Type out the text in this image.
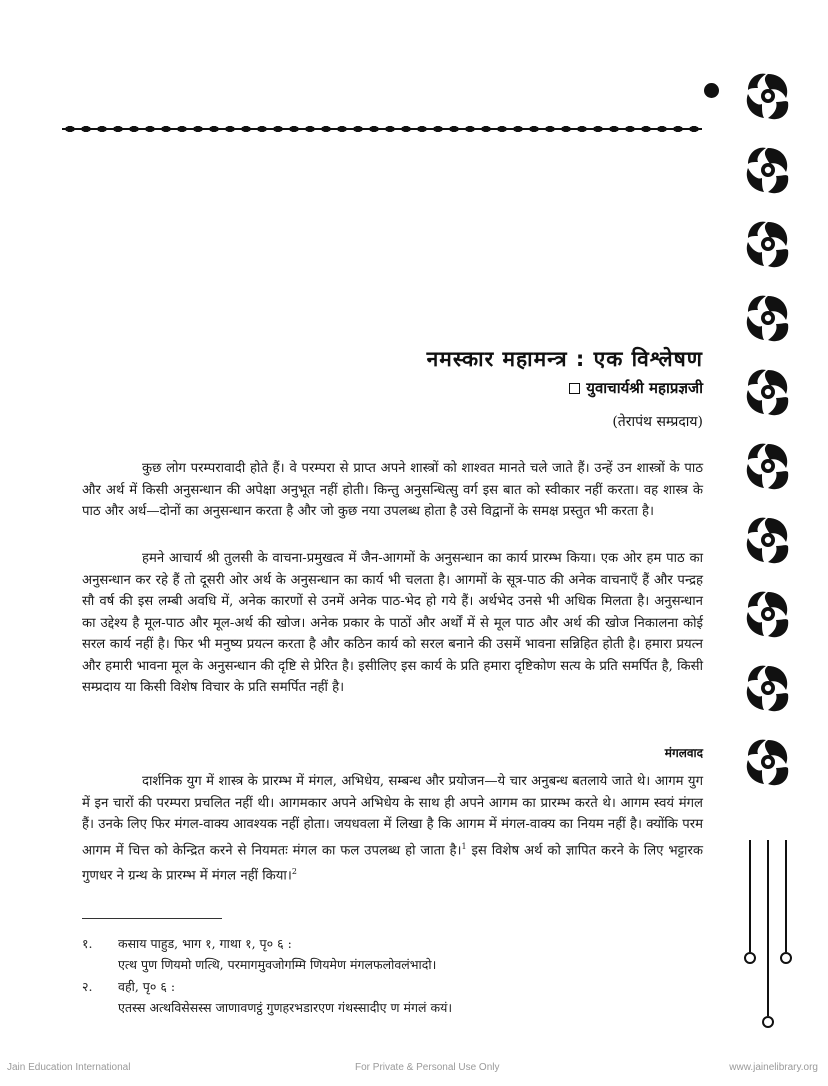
नमस्कार महामन्त्र : एक विश्लेषण
युवाचार्यश्री महाप्रज्ञजी
(तेरापंथ सम्प्रदाय)

कुछ लोग परम्परावादी होते हैं। वे परम्परा से प्राप्त अपने शास्त्रों को शाश्वत मानते चले जाते हैं। उन्हें उन शास्त्रों के पाठ और अर्थ में किसी अनुसन्धान की अपेक्षा अनुभूत नहीं होती। किन्तु अनुसन्धित्सु वर्ग इस बात को स्वीकार नहीं करता। वह शास्त्र के पाठ और अर्थ—दोनों का अनुसन्धान करता है और जो कुछ नया उपलब्ध होता है उसे विद्वानों के समक्ष प्रस्तुत भी करता है।

हमने आचार्य श्री तुलसी के वाचना-प्रमुखत्व में जैन-आगमों के अनुसन्धान का कार्य प्रारम्भ किया। एक ओर हम पाठ का अनुसन्धान कर रहे हैं तो दूसरी ओर अर्थ के अनुसन्धान का कार्य भी चलता है। आगमों के सूत्र-पाठ की अनेक वाचनाएँ हैं और पन्द्रह सौ वर्ष की इस लम्बी अवधि में, अनेक कारणों से उनमें अनेक पाठ-भेद हो गये हैं। अर्थभेद उनसे भी अधिक मिलता है। अनुसन्धान का उद्देश्य है मूल-पाठ और मूल-अर्थ की खोज। अनेक प्रकार के पाठों और अर्थों में से मूल पाठ और अर्थ की खोज निकालना कोई सरल कार्य नहीं है। फिर भी मनुष्य प्रयत्न करता है और कठिन कार्य को सरल बनाने की उसमें भावना सन्निहित होती है। हमारा प्रयत्न और हमारी भावना मूल के अनुसन्धान की दृष्टि से प्रेरित है। इसीलिए इस कार्य के प्रति हमारा दृष्टिकोण सत्य के प्रति समर्पित है, किसी सम्प्रदाय या किसी विशेष विचार के प्रति समर्पित नहीं है।

मंगलवाद

दार्शनिक युग में शास्त्र के प्रारम्भ में मंगल, अभिधेय, सम्बन्ध और प्रयोजन—ये चार अनुबन्ध बतलाये जाते थे। आगम युग में इन चारों की परम्परा प्रचलित नहीं थी। आगमकार अपने अभिधेय के साथ ही अपने आगम का प्रारम्भ करते थे। आगम स्वयं मंगल हैं। उनके लिए फिर मंगल-वाक्य आवश्यक नहीं होता। जयधवला में लिखा है कि आगम में मंगल-वाक्य का नियम नहीं है। क्योंकि परम आगम में चित्त को केन्द्रित करने से नियमतः मंगल का फल उपलब्ध हो जाता है।$^1$ इस विशेष अर्थ को ज्ञापित करने के लिए भट्टारक गुणधर ने ग्रन्थ के प्रारम्भ में मंगल नहीं किया।$^2$

१. कसाय पाहुड, भाग १, गाथा १, पृ० ६ :
एत्थ पुण णियमो णत्थि, परमागमुवजोगम्मि णियमेण मंगलफलोवलंभादो।
२. वही, पृ० ६ :
एतस्स अत्थविसेसस्स जाणावणट्ठं गुणहरभडारएण गंथस्सादीए ण मंगलं कयं।
Jain Education International	For Private & Personal Use Only	www.jainelibrary.org
